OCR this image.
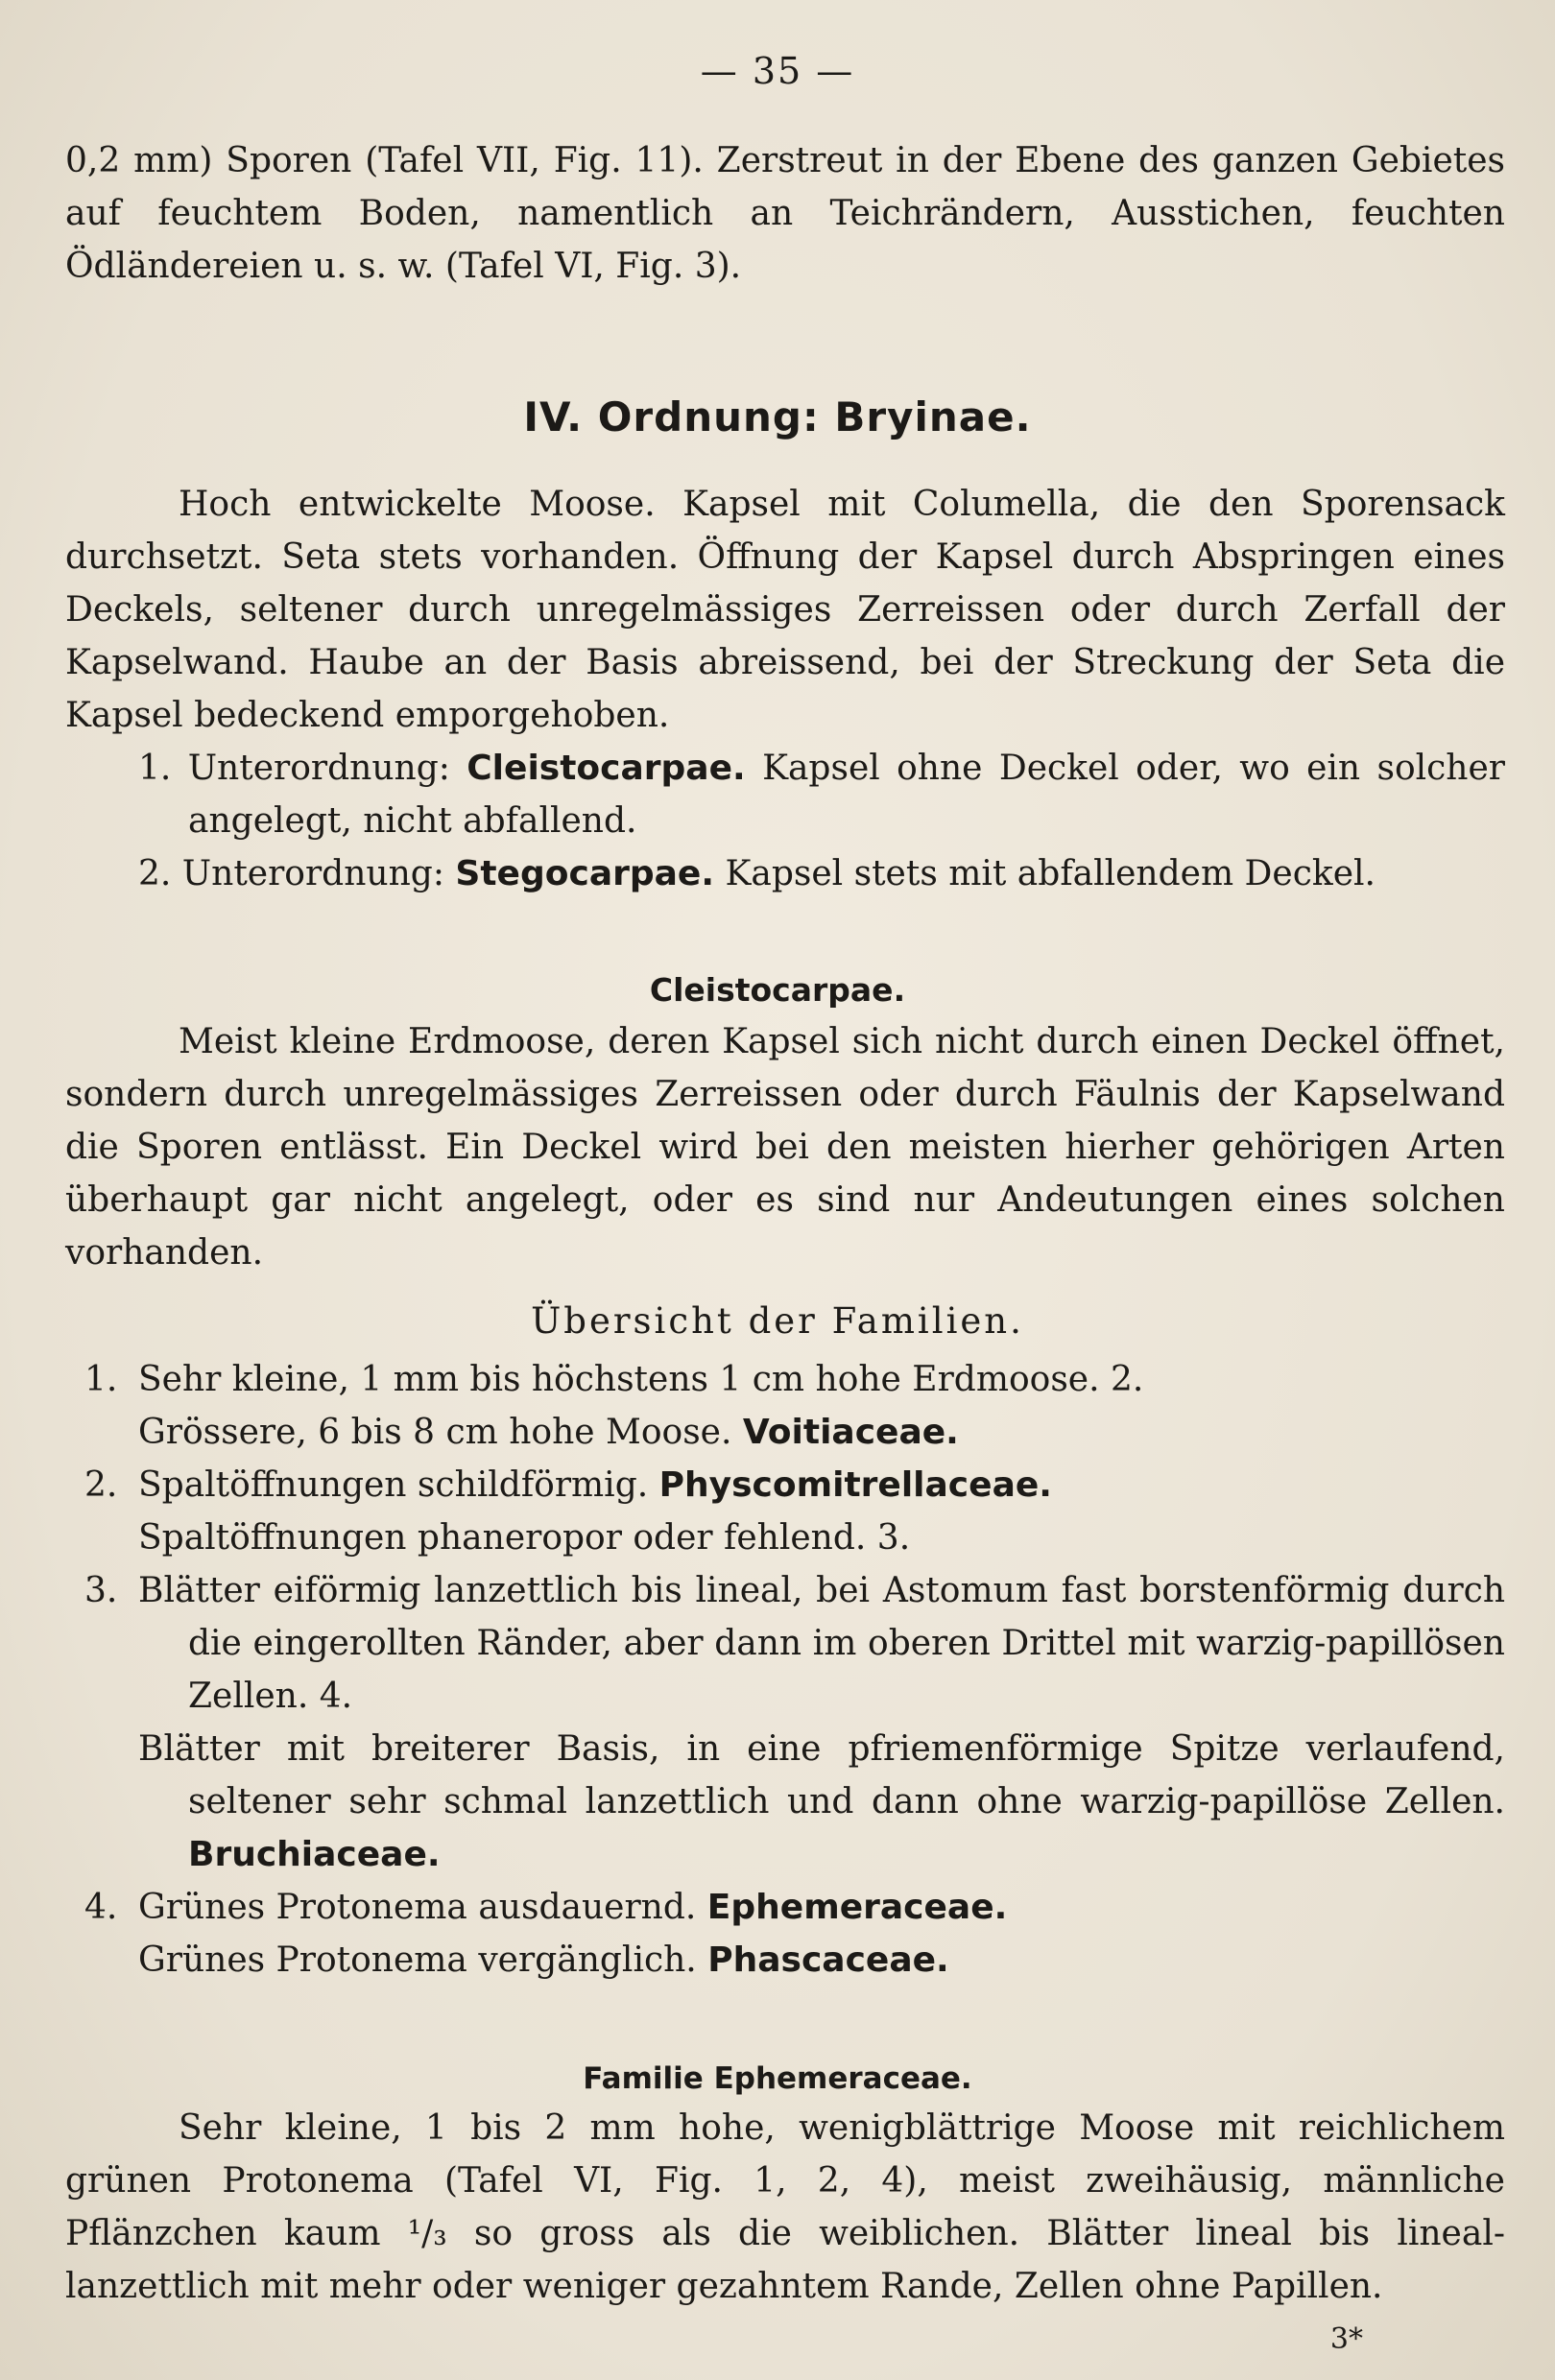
— 35 —

0,2 mm) Sporen (Tafel VII, Fig. 11). Zerstreut in der Ebene des ganzen Gebietes auf feuchtem Boden, namentlich an Teichrändern, Ausstichen, feuchten Ödländereien u. s. w. (Tafel VI, Fig. 3).

IV. Ordnung: Bryinae.

Hoch entwickelte Moose. Kapsel mit Columella, die den Sporensack durchsetzt. Seta stets vorhanden. Öffnung der Kapsel durch Abspringen eines Deckels, seltener durch unregelmässiges Zerreissen oder durch Zerfall der Kapselwand. Haube an der Basis abreissend, bei der Streckung der Seta die Kapsel bedeckend emporgehoben.

1. Unterordnung: Cleistocarpae. Kapsel ohne Deckel oder, wo ein solcher angelegt, nicht abfallend.

2. Unterordnung: Stegocarpae. Kapsel stets mit abfallendem Deckel.

Cleistocarpae.

Meist kleine Erdmoose, deren Kapsel sich nicht durch einen Deckel öffnet, sondern durch unregelmässiges Zerreissen oder durch Fäulnis der Kapselwand die Sporen entlässt. Ein Deckel wird bei den meisten hierher gehörigen Arten überhaupt gar nicht angelegt, oder es sind nur Andeutungen eines solchen vorhanden.

Übersicht der Familien.
1. Sehr kleine, 1 mm bis höchstens 1 cm hohe Erdmoose. 2.
Grössere, 6 bis 8 cm hohe Moose. Voitiaceae.
2. Spaltöffnungen schildförmig. Physcomitrellaceae.
Spaltöffnungen phaneropor oder fehlend. 3.
3. Blätter eiförmig lanzettlich bis lineal, bei Astomum fast borstenförmig durch die eingerollten Ränder, aber dann im oberen Drittel mit warzig-papillösen Zellen. 4.
Blätter mit breiterer Basis, in eine pfriemenförmige Spitze verlaufend, seltener sehr schmal lanzettlich und dann ohne warzig-papillöse Zellen. Bruchiaceae.
4. Grünes Protonema ausdauernd. Ephemeraceae.
Grünes Protonema vergänglich. Phascaceae.
Familie Ephemeraceae.

Sehr kleine, 1 bis 2 mm hohe, wenigblättrige Moose mit reichlichem grünen Protonema (Tafel VI, Fig. 1, 2, 4), meist zweihäusig, männliche Pflänzchen kaum ¹/₃ so gross als die weiblichen. Blätter lineal bis lineal-lanzettlich mit mehr oder weniger gezahntem Rande, Zellen ohne Papillen.

3*
